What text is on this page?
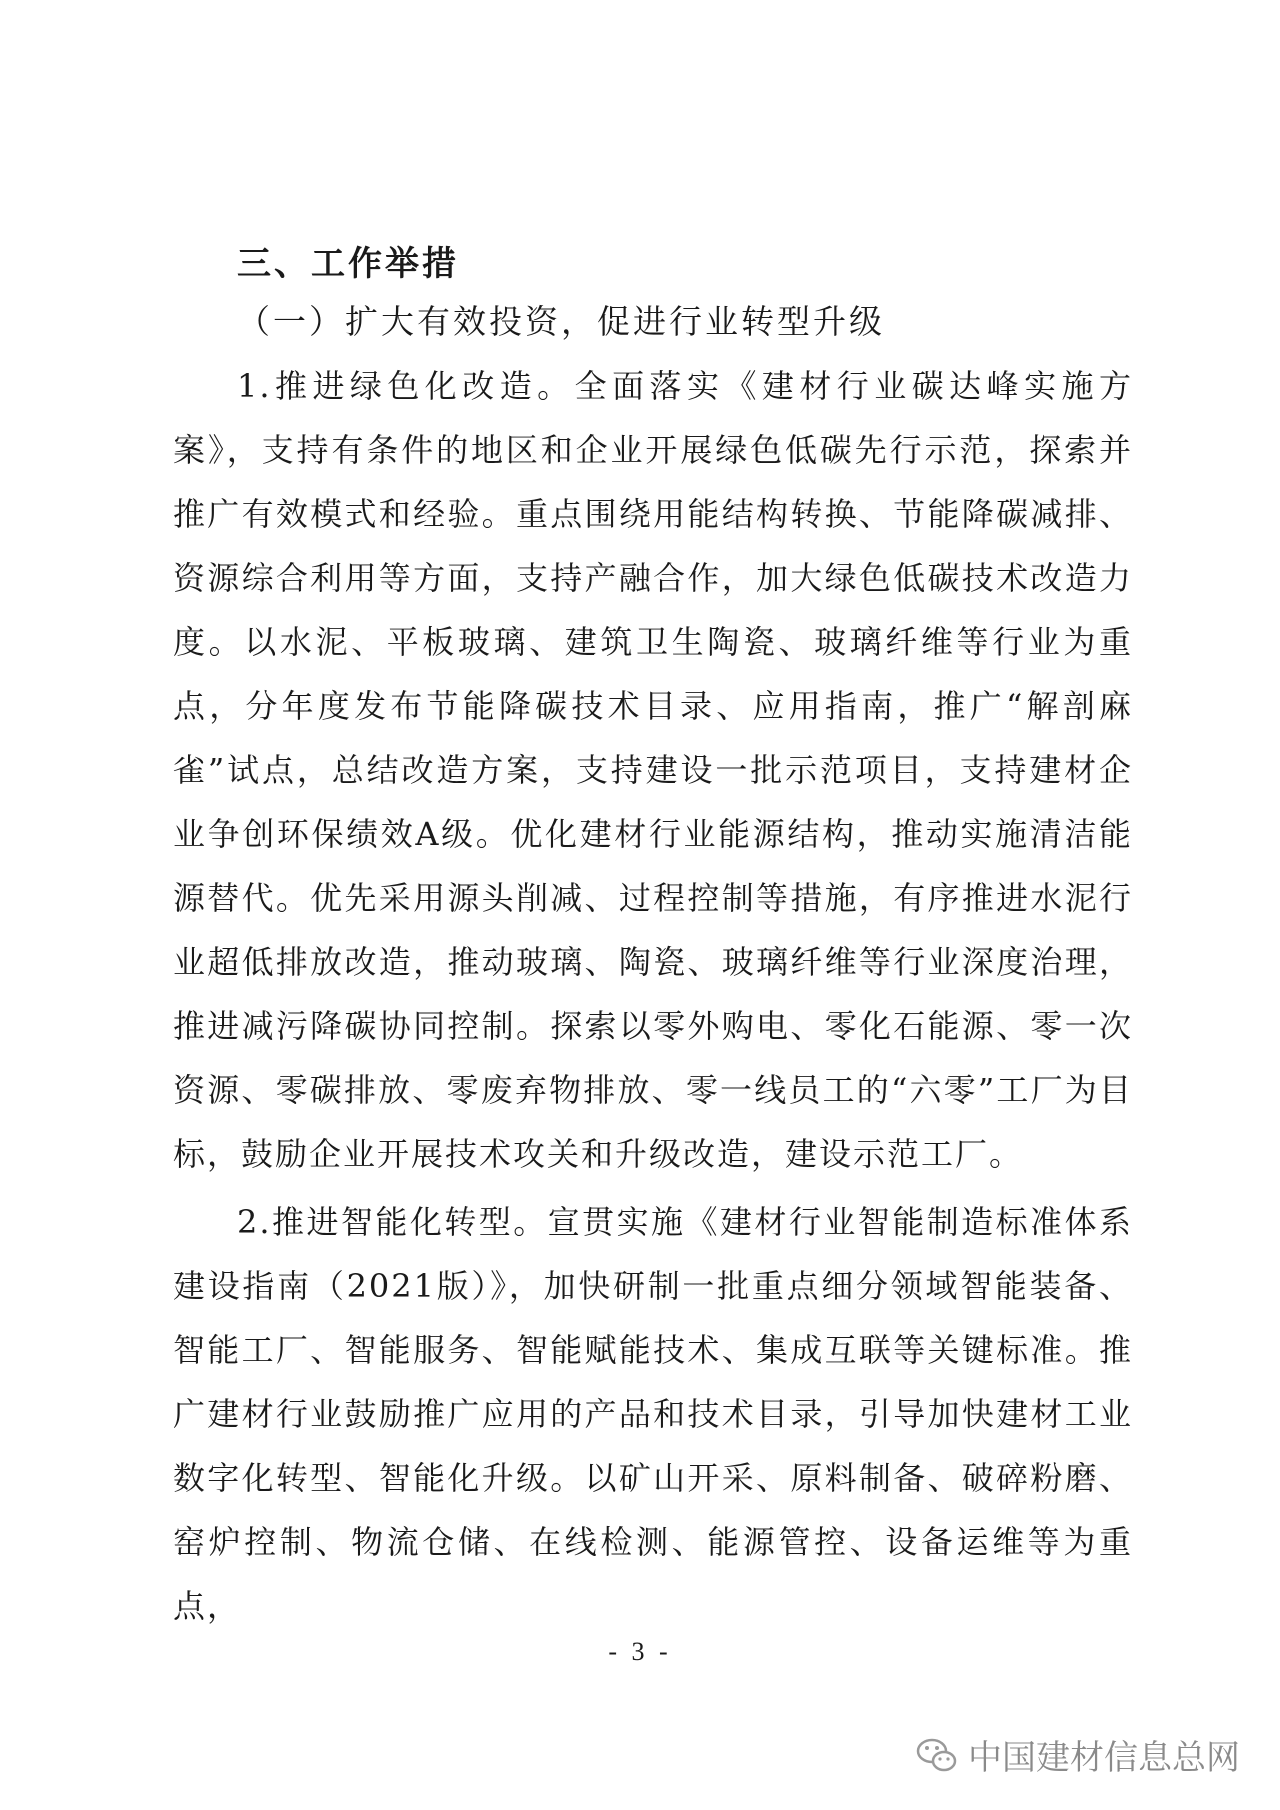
三、工作举措
（一）扩大有效投资，促进行业转型升级

1.推进绿色化改造。全面落实《建材行业碳达峰实施方案》，支持有条件的地区和企业开展绿色低碳先行示范，探索并推广有效模式和经验。重点围绕用能结构转换、节能降碳减排、资源综合利用等方面，支持产融合作，加大绿色低碳技术改造力度。以水泥、平板玻璃、建筑卫生陶瓷、玻璃纤维等行业为重点，分年度发布节能降碳技术目录、应用指南，推广“解剖麻雀”试点，总结改造方案，支持建设一批示范项目，支持建材企业争创环保绩效A级。优化建材行业能源结构，推动实施清洁能源替代。优先采用源头削减、过程控制等措施，有序推进水泥行业超低排放改造，推动玻璃、陶瓷、玻璃纤维等行业深度治理，推进减污降碳协同控制。探索以零外购电、零化石能源、零一次资源、零碳排放、零废弃物排放、零一线员工的“六零”工厂为目标，鼓励企业开展技术攻关和升级改造，建设示范工厂。

2.推进智能化转型。宣贯实施《建材行业智能制造标准体系建设指南（2021版）》，加快研制一批重点细分领域智能装备、智能工厂、智能服务、智能赋能技术、集成互联等关键标准。推广建材行业鼓励推广应用的产品和技术目录，引导加快建材工业数字化转型、智能化升级。以矿山开采、原料制备、破碎粉磨、窑炉控制、物流仓储、在线检测、能源管控、设备运维等为重点，

- 3 -
中国建材信息总网
